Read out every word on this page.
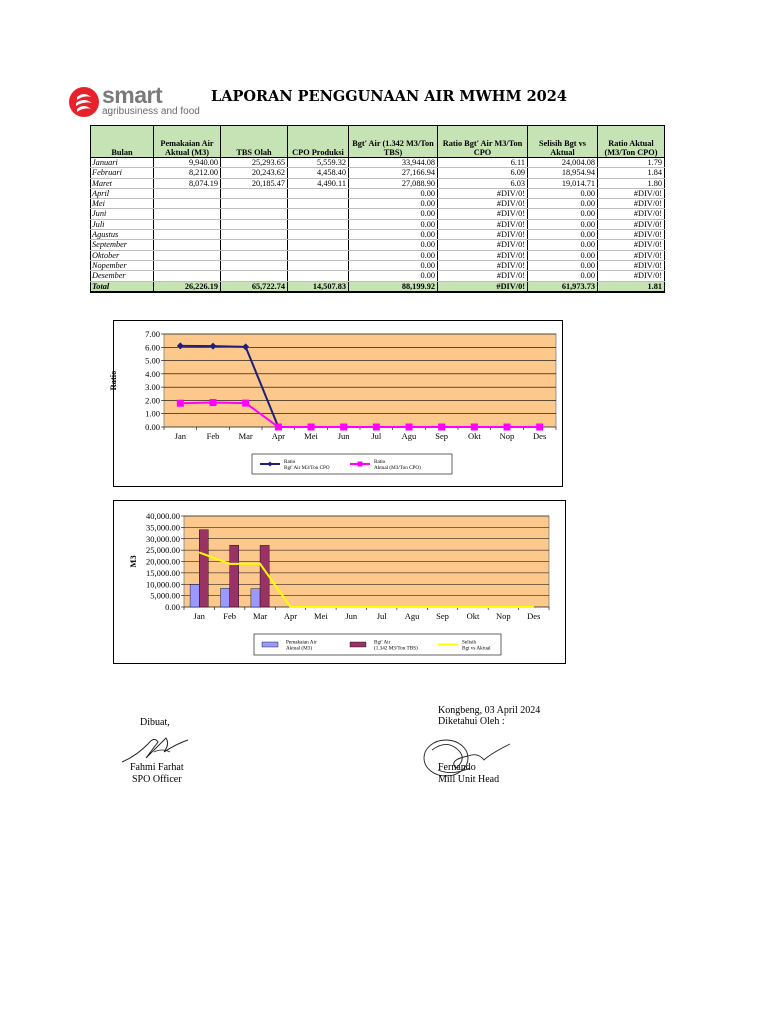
smart
agribusiness and food
LAPORAN PENGGUNAAN AIR MWHM 2024
Bulan	Pemakaian Air Aktual (M3)	TBS Olah	CPO Produksi	Bgt' Air (1.342 M3/Ton TBS)	Ratio Bgt' Air M3/Ton CPO	Selisih Bgt vs Aktual	Ratio Aktual (M3/Ton CPO)
Januari	9,940.00	25,293.65	5,559.32	33,944.08	6.11	24,004.08	1.79
Februari	8,212.00	20,243.62	4,458.40	27,166.94	6.09	18,954.94	1.84
Maret	8,074.19	20,185.47	4,490.11	27,088.90	6.03	19,014.71	1.80
April				0.00	#DIV/0!	0.00	#DIV/0!
Mei				0.00	#DIV/0!	0.00	#DIV/0!
Juni				0.00	#DIV/0!	0.00	#DIV/0!
Juli				0.00	#DIV/0!	0.00	#DIV/0!
Agustus				0.00	#DIV/0!	0.00	#DIV/0!
September				0.00	#DIV/0!	0.00	#DIV/0!
Oktober				0.00	#DIV/0!	0.00	#DIV/0!
Nopember				0.00	#DIV/0!	0.00	#DIV/0!
Desember				0.00	#DIV/0!	0.00	#DIV/0!
Total	26,226.19	65,722.74	14,507.83	88,199.92	#DIV/0!	61,973.73	1.81
0.00
1.00
2.00
3.00
4.00
5.00
6.00
7.00
Jan Feb Mar Apr Mei Jun	Jul Agu Sep Okt Nop Des
Ratio
Ratio
Bgt' Air M3/Ton CPO
Ratio
Aktual (M3/Ton CPO)
0.00
5,000.00
10,000.00
15,000.00
20,000.00
25,000.00
30,000.00
35,000.00
40,000.00
Jan Feb Mar Apr Mei Jun Jul Agu Sep Okt Nop Des
M3
Pemakaian Air
Aktual (M3)
Bgt' Air
(1.342 M3/Ton TBS)
Selisih
Bgt vs Aktual
Dibuat,
Fahmi Farhat
SPO Officer
Kongbeng, 03 April 2024
Diketahui Oleh :
Fernando
Mill Unit Head
